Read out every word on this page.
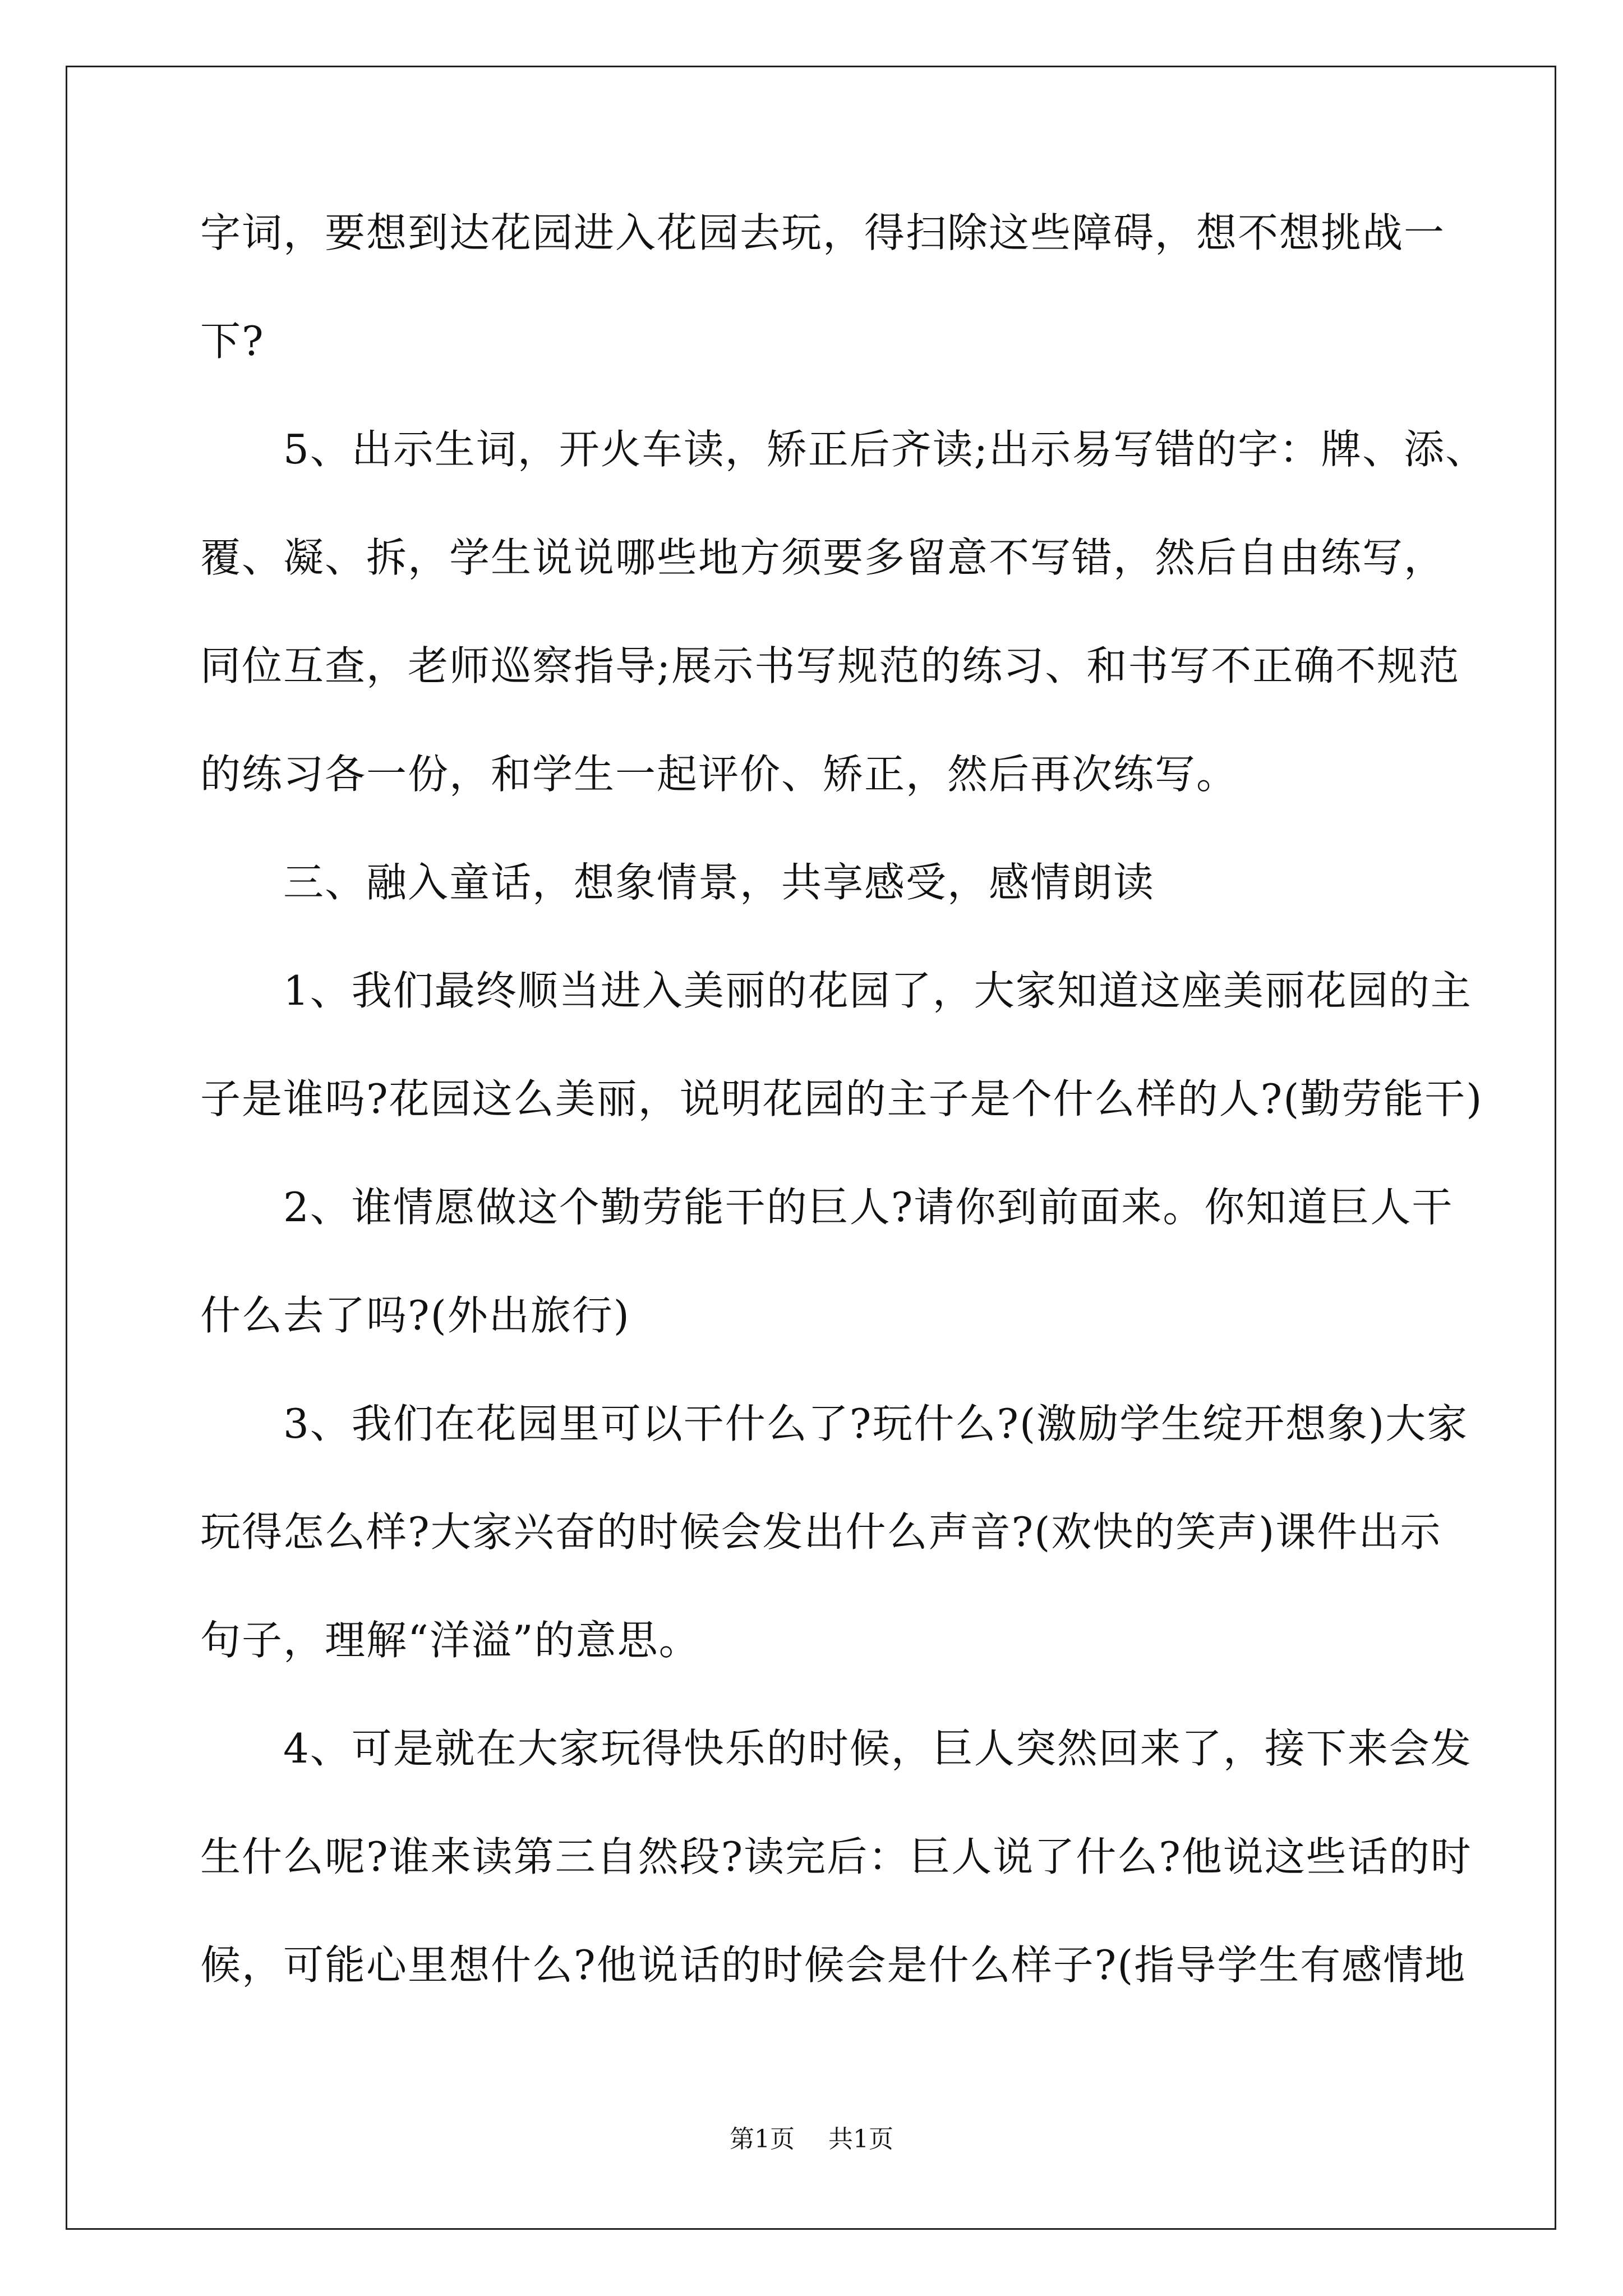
字词，要想到达花园进入花园去玩，得扫除这些障碍，想不想挑战一
下?
5、出示生词，开火车读，矫正后齐读;出示易写错的字：牌、添、
覆、凝、拆，学生说说哪些地方须要多留意不写错，然后自由练写，
同位互查，老师巡察指导;展示书写规范的练习、和书写不正确不规范
的练习各一份，和学生一起评价、矫正，然后再次练写。
三、融入童话，想象情景，共享感受，感情朗读
1、我们最终顺当进入美丽的花园了，大家知道这座美丽花园的主
子是谁吗?花园这么美丽，说明花园的主子是个什么样的人?(勤劳能干)
2、谁情愿做这个勤劳能干的巨人?请你到前面来。你知道巨人干
什么去了吗?(外出旅行)
3、我们在花园里可以干什么了?玩什么?(激励学生绽开想象)大家
玩得怎么样?大家兴奋的时候会发出什么声音?(欢快的笑声)课件出示
句子，理解“洋溢”的意思。
4、可是就在大家玩得快乐的时候，巨人突然回来了，接下来会发
生什么呢?谁来读第三自然段?读完后：巨人说了什么?他说这些话的时
候，可能心里想什么?他说话的时候会是什么样子?(指导学生有感情地
第1页 共1页
